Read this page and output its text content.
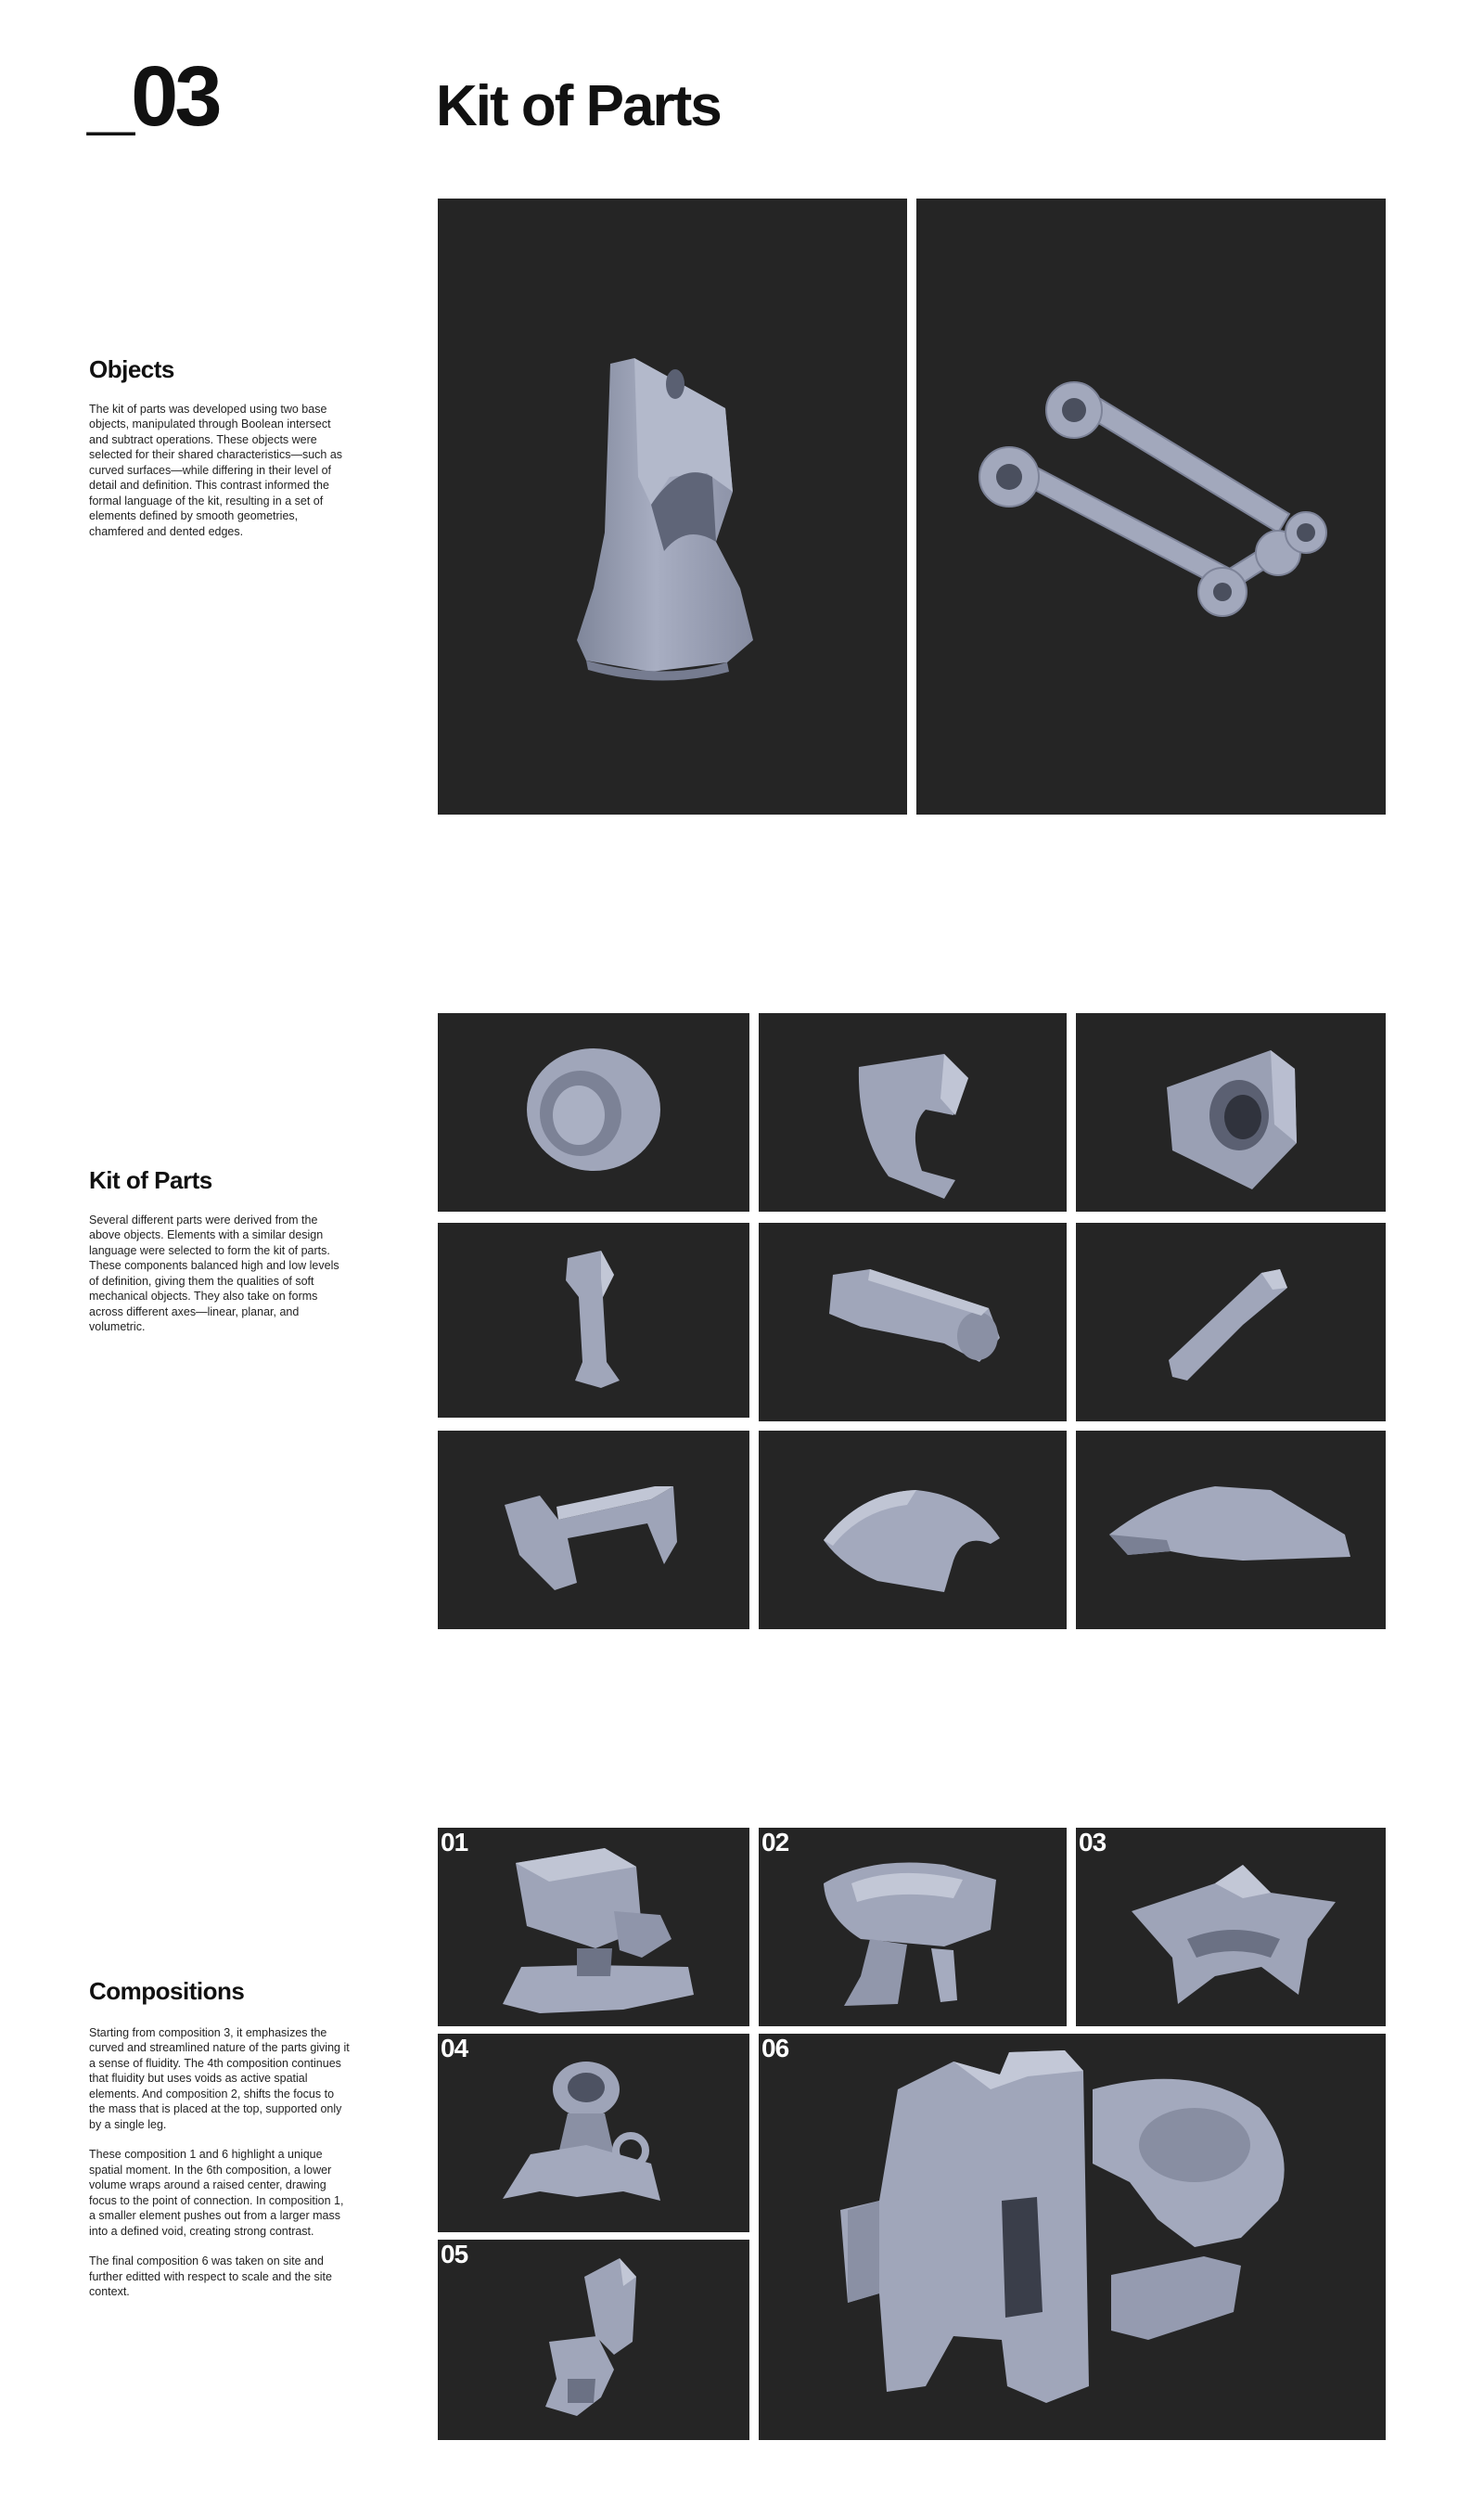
_03	Kit of Parts
Objects
The kit of parts was developed using two base objects, manipulated through Boolean intersect and subtract operations. These objects were selected for their shared characteristics—such as curved surfaces—while differing in their level of detail and definition. This contrast informed the formal language of the kit, resulting in a set of elements defined by smooth geometries, chamfered and dented edges.
Kit of Parts
Several different parts were derived from the above objects. Elements with a similar design language were selected to form the kit of parts. These components balanced high and low levels of definition, giving them the qualities of soft mechanical objects. They also take on forms across different axes—linear, planar, and volumetric.
Compositions

Starting from composition 3, it emphasizes the curved and streamlined nature of the parts giving it a sense of fluidity. The 4th composition continues that fluidity but uses voids as active spatial elements. And composition 2, shifts the focus to the mass that is placed at the top, supported only by a single leg.

These composition 1 and 6 highlight a unique spatial moment. In the 6th composition, a lower volume wraps around a raised center, drawing focus to the point of connection. In composition 1, a smaller element pushes out from a larger mass into a defined void, creating strong contrast.

The final composition 6 was taken on site and further editted with respect to scale and the site context.

01	02	03
04
05
06
